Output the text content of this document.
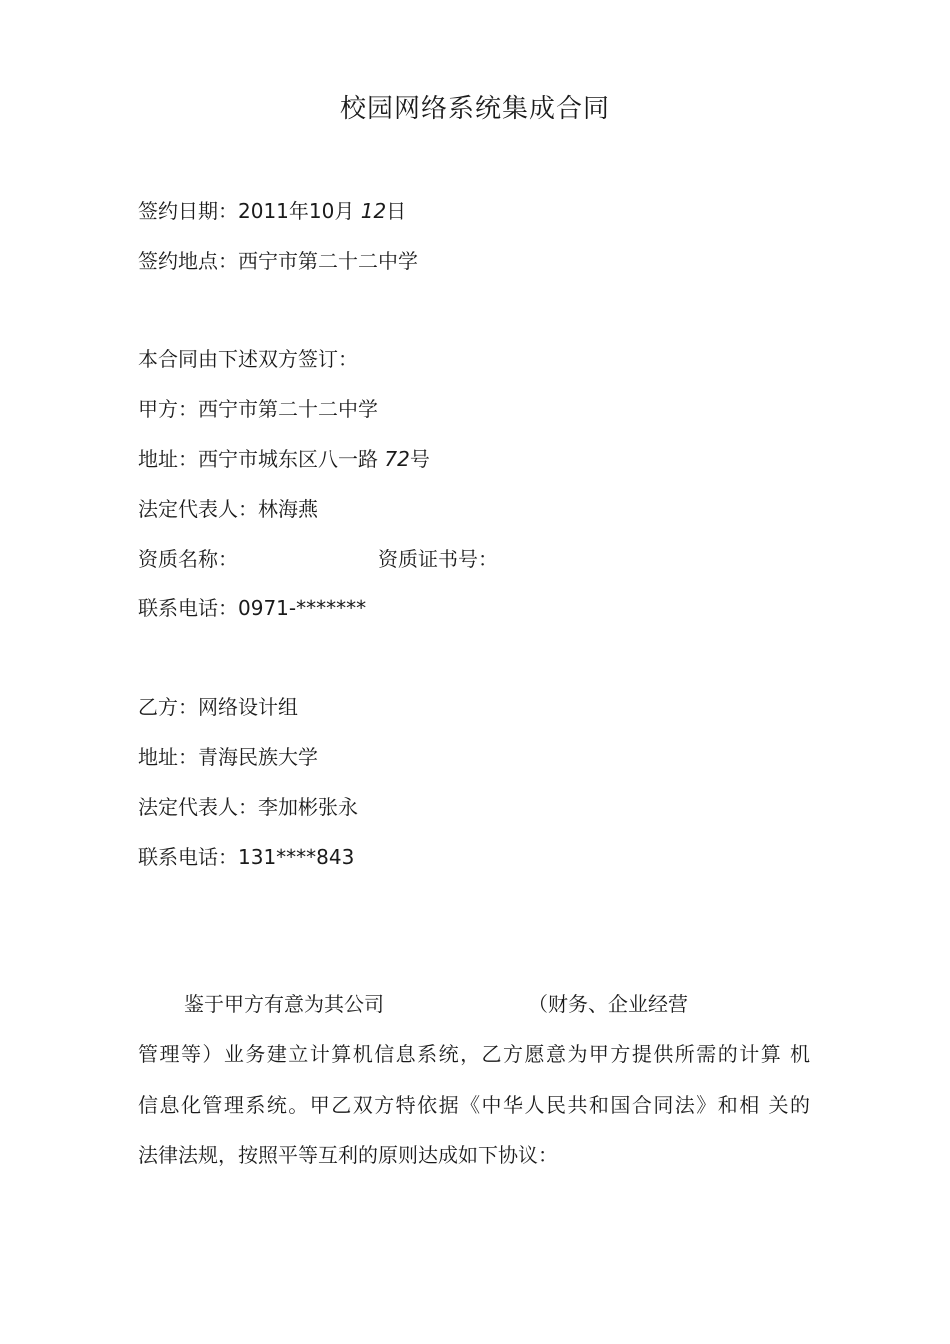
校园网络系统集成合同
签约日期：2011年10月 12日
签约地点：西宁市第二十二中学
本合同由下述双方签订：
甲方：西宁市第二十二中学
地址：西宁市城东区八一路 72号
法定代表人：林海燕
资质名称：	资质证书号：
联系电话：0971-*******
乙方：网络设计组
地址：青海民族大学
法定代表人：李加彬张永
联系电话：131****843
鉴于甲方有意为其公司	（财务、企业经营
管理等）业务建立计算机信息系统，乙方愿意为甲方提供所需的计算 机
信息化管理系统。甲乙双方特依据《中华人民共和国合同法》和相 关的
法律法规，按照平等互利的原则达成如下协议：
